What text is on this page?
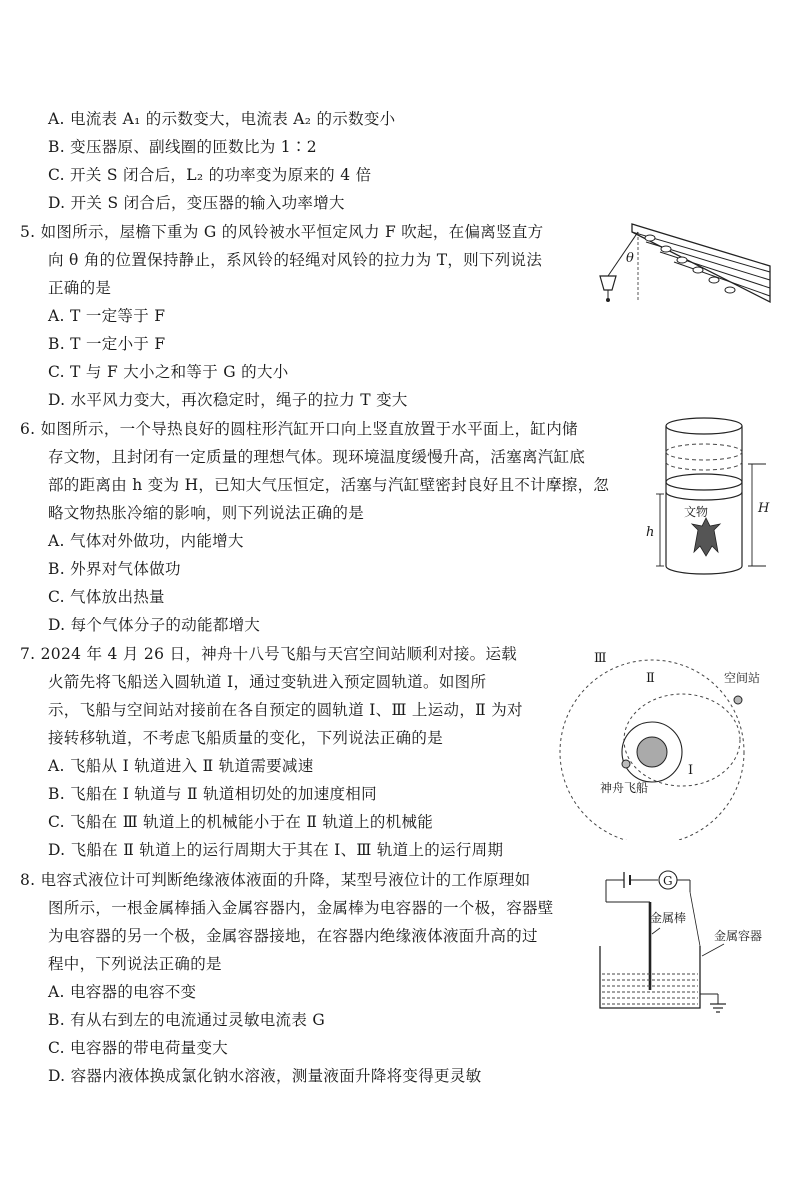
A. 电流表 A₁ 的示数变大，电流表 A₂ 的示数变小
B. 变压器原、副线圈的匝数比为 1∶2
C. 开关 S 闭合后，L₂ 的功率变为原来的 4 倍
D. 开关 S 闭合后，变压器的输入功率增大
5. 如图所示，屋檐下重为 G 的风铃被水平恒定风力 F 吹起，在偏离竖直方
向 θ 角的位置保持静止，系风铃的轻绳对风铃的拉力为 T，则下列说法
正确的是
A. T 一定等于 F
B. T 一定小于 F
C. T 与 F 大小之和等于 G 的大小
D. 水平风力变大，再次稳定时，绳子的拉力 T 变大
θ
6. 如图所示，一个导热良好的圆柱形汽缸开口向上竖直放置于水平面上，缸内储
存文物，且封闭有一定质量的理想气体。现环境温度缓慢升高，活塞离汽缸底
部的距离由 h 变为 H，已知大气压恒定，活塞与汽缸壁密封良好且不计摩擦，忽
略文物热胀冷缩的影响，则下列说法正确的是
A. 气体对外做功，内能增大
B. 外界对气体做功
C. 气体放出热量
D. 每个气体分子的动能都增大
文物
h
H
7. 2024 年 4 月 26 日，神舟十八号飞船与天宫空间站顺利对接。运载
火箭先将飞船送入圆轨道 Ⅰ，通过变轨进入预定圆轨道。如图所
示，飞船与空间站对接前在各自预定的圆轨道 Ⅰ、Ⅲ 上运动，Ⅱ 为对
接转移轨道，不考虑飞船质量的变化，下列说法正确的是
A. 飞船从 Ⅰ 轨道进入 Ⅱ 轨道需要减速
B. 飞船在 Ⅰ 轨道与 Ⅱ 轨道相切处的加速度相同
C. 飞船在 Ⅲ 轨道上的机械能小于在 Ⅱ 轨道上的机械能
D. 飞船在 Ⅱ 轨道上的运行周期大于其在 Ⅰ、Ⅲ 轨道上的运行周期
Ⅲ
Ⅱ
Ⅰ
空间站
神舟飞船
8. 电容式液位计可判断绝缘液体液面的升降，某型号液位计的工作原理如
图所示，一根金属棒插入金属容器内，金属棒为电容器的一个极，容器壁
为电容器的另一个极，金属容器接地，在容器内绝缘液体液面升高的过
程中，下列说法正确的是
A. 电容器的电容不变
B. 有从右到左的电流通过灵敏电流表 G
C. 电容器的带电荷量变大
D. 容器内液体换成氯化钠水溶液，测量液面升降将变得更灵敏
G
金属棒
金属容器
